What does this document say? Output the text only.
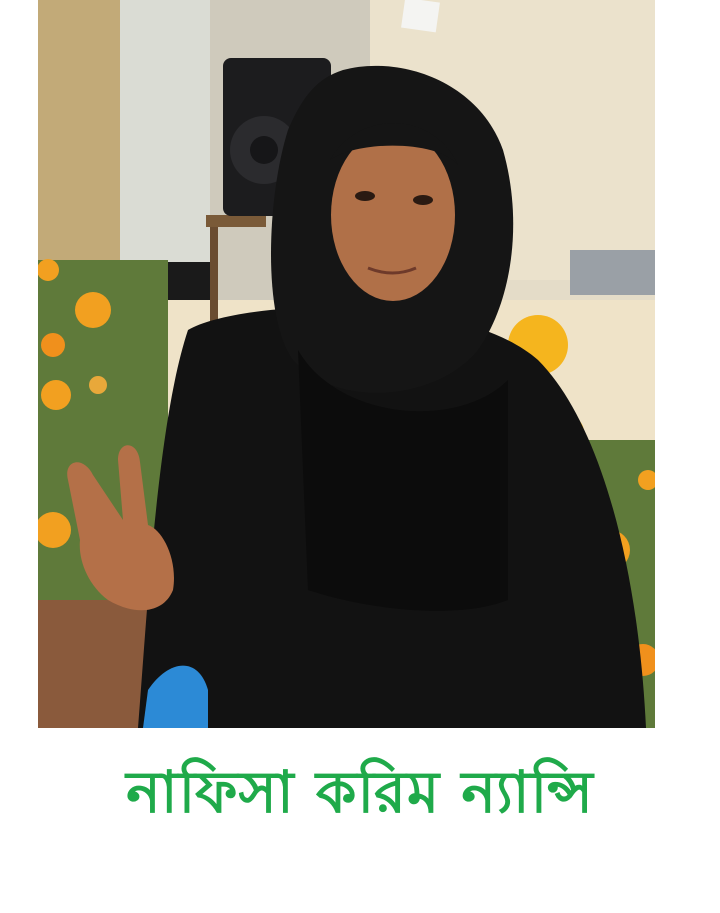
নাফিসা করিম ন্যান্সি
